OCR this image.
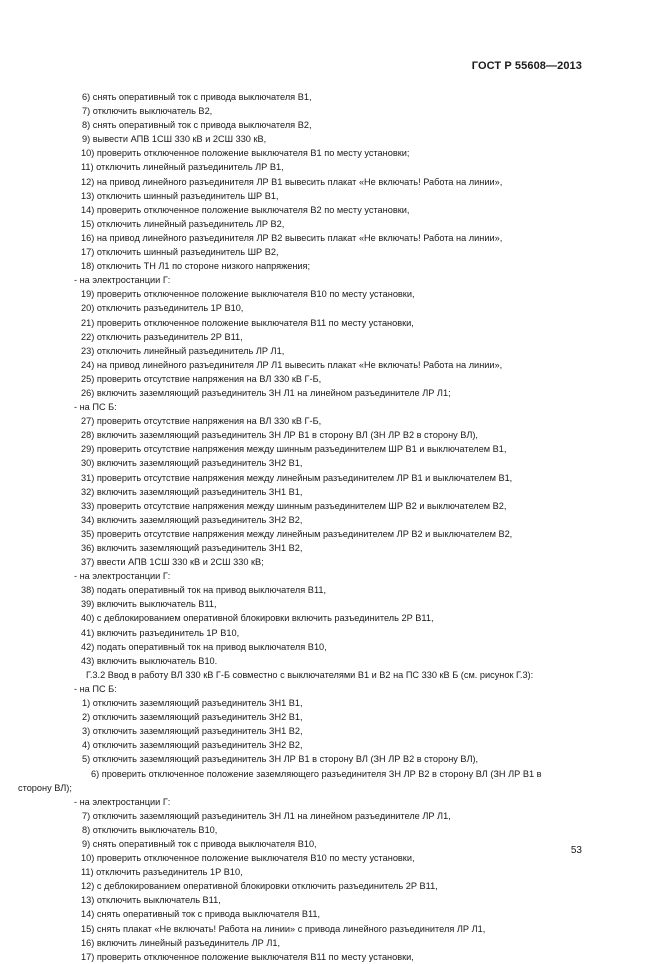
ГОСТ Р 55608—2013
6) снять оперативный ток с привода выключателя В1,
7) отключить выключатель В2,
8) снять оперативный ток с привода выключателя В2,
9) вывести АПВ 1СШ 330 кВ и 2СШ 330 кВ,
10) проверить отключенное положение выключателя В1 по месту установки;
11) отключить линейный разъединитель ЛР В1,
12) на привод линейного разъединителя ЛР В1 вывесить плакат «Не включать! Работа на линии»,
13) отключить шинный разъединитель ШР В1,
14) проверить отключенное положение выключателя В2 по месту установки,
15) отключить линейный разъединитель ЛР В2,
16) на привод линейного разъединителя ЛР В2 вывесить плакат «Не включать! Работа на линии»,
17) отключить шинный разъединитель ШР В2,
18) отключить ТН Л1 по стороне низкого напряжения;
- на электростанции Г:
19) проверить отключенное положение выключателя В10 по месту установки,
20) отключить разъединитель 1Р В10,
21) проверить отключенное положение выключателя В11 по месту установки,
22) отключить разъединитель 2Р В11,
23) отключить линейный разъединитель ЛР Л1,
24) на привод линейного разъединителя ЛР Л1 вывесить плакат «Не включать! Работа на линии»,
25) проверить отсутствие напряжения на ВЛ 330 кВ Г-Б,
26) включить заземляющий разъединитель ЗН Л1 на линейном разъединителе ЛР Л1;
- на ПС Б:
27) проверить отсутствие напряжения на ВЛ 330 кВ Г-Б,
28) включить заземляющий разъединитель ЗН ЛР В1 в сторону ВЛ (ЗН ЛР В2 в сторону ВЛ),
29) проверить отсутствие напряжения между шинным разъединителем ШР В1 и выключателем В1,
30) включить заземляющий разъединитель ЗН2 В1,
31) проверить отсутствие напряжения между линейным разъединителем ЛР В1 и выключателем В1,
32) включить заземляющий разъединитель ЗН1 В1,
33) проверить отсутствие напряжения между шинным разъединителем ШР В2 и выключателем В2,
34) включить заземляющий разъединитель ЗН2 В2,
35) проверить отсутствие напряжения между линейным разъединителем ЛР В2 и выключателем В2,
36) включить заземляющий разъединитель ЗН1 В2,
37) ввести АПВ 1СШ 330 кВ и 2СШ 330 кВ;
- на электростанции Г:
38) подать оперативный ток на привод выключателя В11,
39) включить выключатель В11,
40) с деблокированием оперативной блокировки включить разъединитель 2Р В11,
41) включить разъединитель 1Р В10,
42) подать оперативный ток на привод выключателя В10,
43) включить выключатель В10.
Г.3.2 Ввод в работу ВЛ 330 кВ Г-Б совместно с выключателями В1 и В2 на ПС 330 кВ Б (см. рисунок Г.3):
- на ПС Б:
1) отключить заземляющий разъединитель ЗН1 В1,
2) отключить заземляющий разъединитель ЗН2 В1,
3) отключить заземляющий разъединитель ЗН1 В2,
4) отключить заземляющий разъединитель ЗН2 В2,
5) отключить заземляющий разъединитель ЗН ЛР В1 в сторону ВЛ (ЗН ЛР В2 в сторону ВЛ),
6) проверить отключенное положение заземляющего разъединителя ЗН ЛР В2 в сторону ВЛ (ЗН ЛР В1 в
сторону ВЛ);
- на электростанции Г:
7) отключить заземляющий разъединитель ЗН Л1 на линейном разъединителе ЛР Л1,
8) отключить выключатель В10,
9) снять оперативный ток с привода выключателя В10,
10) проверить отключенное положение выключателя В10 по месту установки,
11) отключить разъединитель 1Р В10,
12) с деблокированием оперативной блокировки отключить разъединитель 2Р В11,
13) отключить выключатель В11,
14) снять оперативный ток с привода выключателя В11,
15) снять плакат «Не включать! Работа на линии» с привода линейного разъединителя ЛР Л1,
16) включить линейный разъединитель ЛР Л1,
17) проверить отключенное положение выключателя В11 по месту установки,
53
